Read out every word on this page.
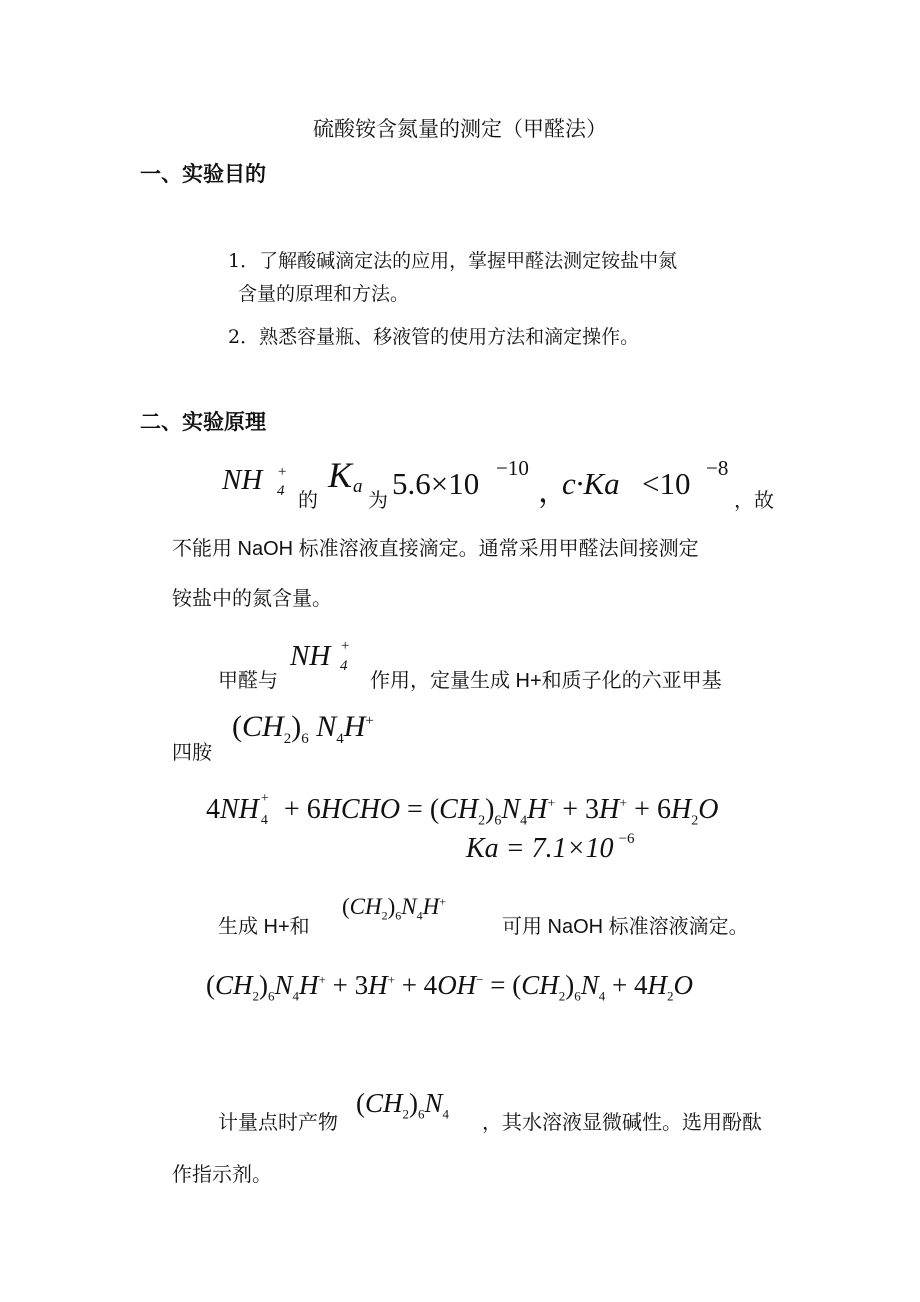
硫酸铵含氮量的测定（甲醛法）
一、实验目的
1．了解酸碱滴定法的应用，掌握甲醛法测定铵盐中氮
含量的原理和方法。
2．熟悉容量瓶、移液管的使用方法和滴定操作。
二、实验原理
NH +
4 的
K a
为 5.6×10 −10
，
c·Ka <10 −8
，故
不能用 NaOH 标准溶液直接滴定。通常采用甲醛法间接测定
铵盐中的氮含量。
甲醛与
NH +
4
作用，定量生成 H+和质子化的六亚甲基
四胺
$(CH_2)_6$ $N_4H^+$
4NH +
4 + 6HCHO = $(CH_2)_6N_4H^+ + 3H^+ + 6H_2O$
Ka = 7.1×10 −6
生成 H+和
$(CH_2)_6N_4H^+$
可用 NaOH 标准溶液滴定。
$(CH_2)_6N_4H^+ + 3H^+ + 4OH^- = (CH_2)_6N_4 + 4H_2O$
计量点时产物
$(CH_2)_6N_4$ ，其水溶液显微碱性。选用酚酞
作指示剂。
